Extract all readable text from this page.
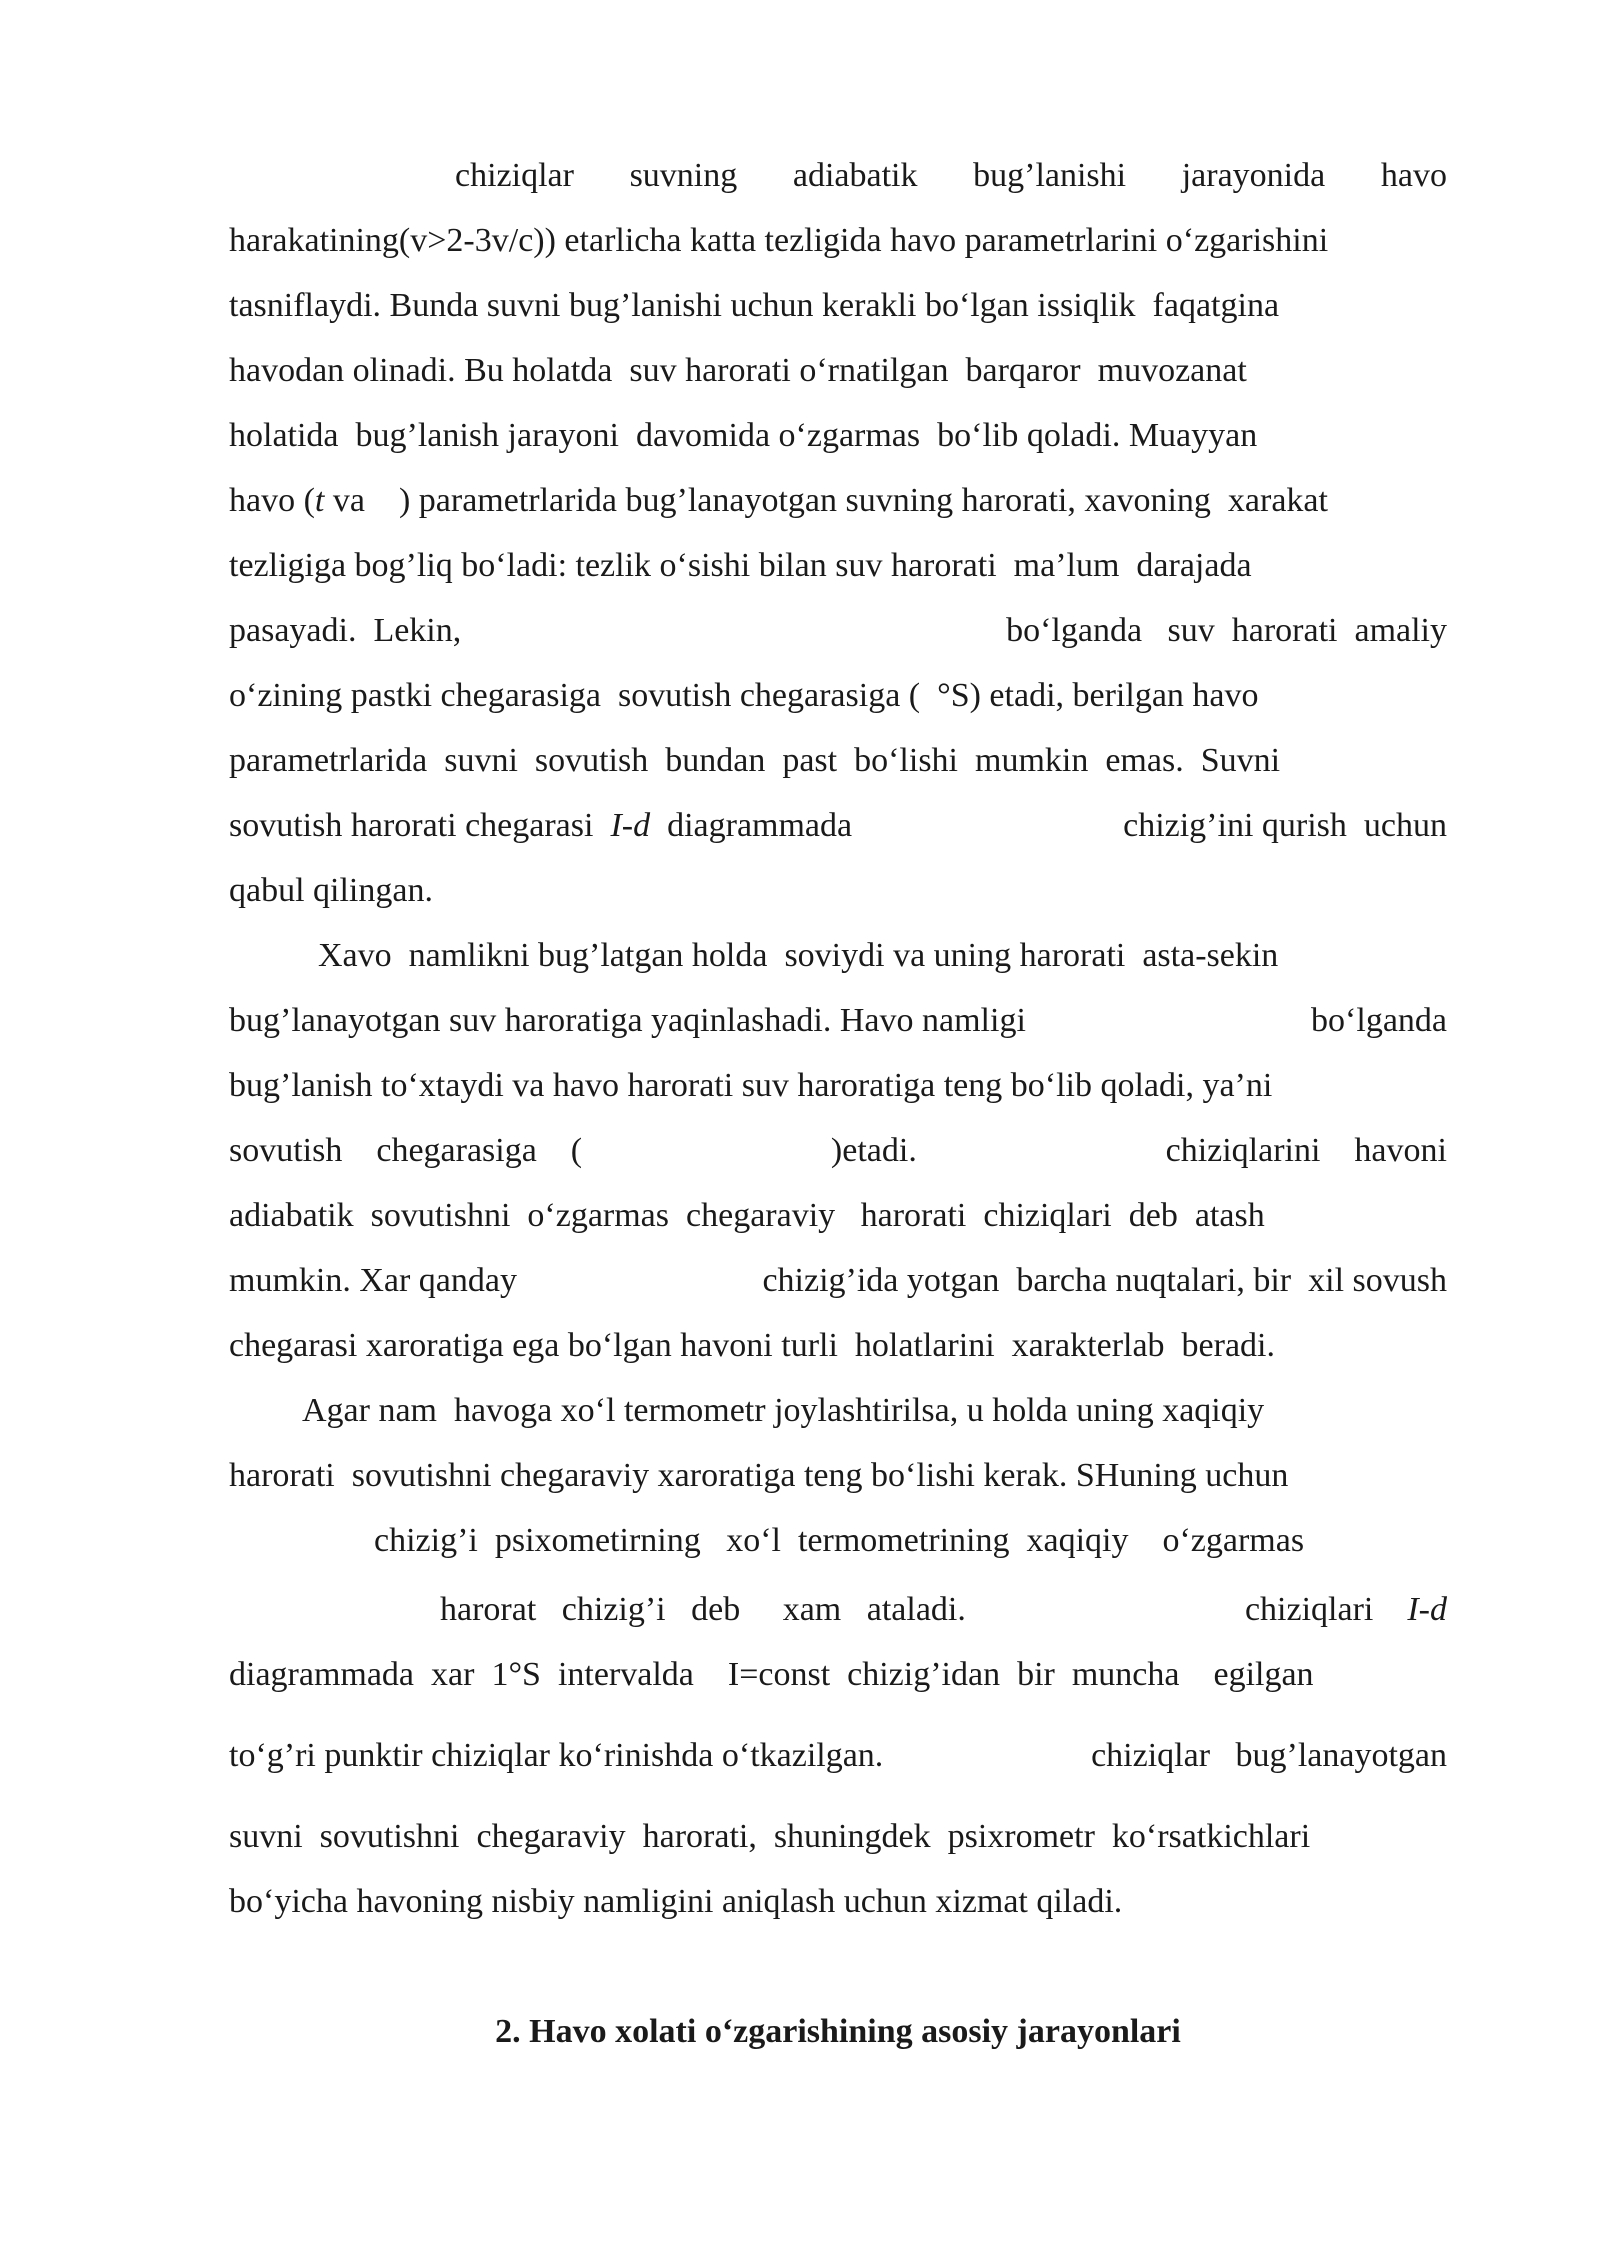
chiziqlar suvning adiabatik bug’lanishi jarayonida havo
harakatining(v>2-3v/c)) etarlicha katta tezligida havo parametrlarini o‘zgarishini
tasniflaydi. Bunda suvni bug’lanishi uchun kerakli bo‘lgan issiqlik  faqatgina
havodan olinadi. Bu holatda  suv harorati o‘rnatilgan  barqaror  muvozanat
holatida  bug’lanish jarayoni  davomida o‘zgarmas  bo‘lib qoladi. Muayyan
havo ( t va    ) parametrlarida bug’lanayotgan suvning harorati, xavoning  xarakat
tezligiga bog’liq bo‘ladi: tezlik o‘sishi bilan suv harorati  ma’lum  darajada
pasayadi.  Lekin,	bo‘lganda   suv  harorati  amaliy
o‘zining pastki chegarasiga  sovutish chegarasiga (  °S) etadi, berilgan havo
parametrlarida  suvni  sovutish  bundan  past  bo‘lishi  mumkin  emas.  Suvni
sovutish harorati chegarasi  I-d  diagrammada	chizig’ini qurish  uchun
qabul qilingan.
Xavo  namlikni bug’latgan holda  soviydi va uning harorati  asta-sekin
bug’lanayotgan suv haroratiga yaqinlashadi. Havo namligi	bo‘lganda
bug’lanish to‘xtaydi va havo harorati suv haroratiga teng bo‘lib qoladi, ya’ni
sovutish    chegarasiga    (	)etadi.	chiziqlarini    havoni
adiabatik  sovutishni  o‘zgarmas  chegaraviy   harorati  chiziqlari  deb  atash
mumkin. Xar qanday	chizig’ida yotgan  barcha nuqtalari, bir  xil sovush
chegarasi xaroratiga ega bo‘lgan havoni turli  holatlarini  xarakterlab  beradi.
Agar nam  havoga xo‘l termometr joylashtirilsa, u holda uning xaqiqiy
harorati  sovutishni chegaraviy xaroratiga teng bo‘lishi kerak. SHuning uchun
chizig’i  psixometirning   xo‘l  termometrining  xaqiqiy    o‘zgarmas
harorat   chizig’i   deb     xam   ataladi.	chiziqlari I-d
diagrammada  xar  1°S  intervalda    I=const  chizig’idan  bir  muncha    egilgan
to‘g’ri punktir chiziqlar ko‘rinishda o‘tkazilgan.	chiziqlar   bug’lanayotgan
suvni  sovutishni  chegaraviy  harorati,  shuningdek  psixrometr  ko‘rsatkichlari
bo‘yicha havoning nisbiy namligini aniqlash uchun xizmat qiladi.
2. Havo xolati o‘zgarishining asosiy jarayonlari
